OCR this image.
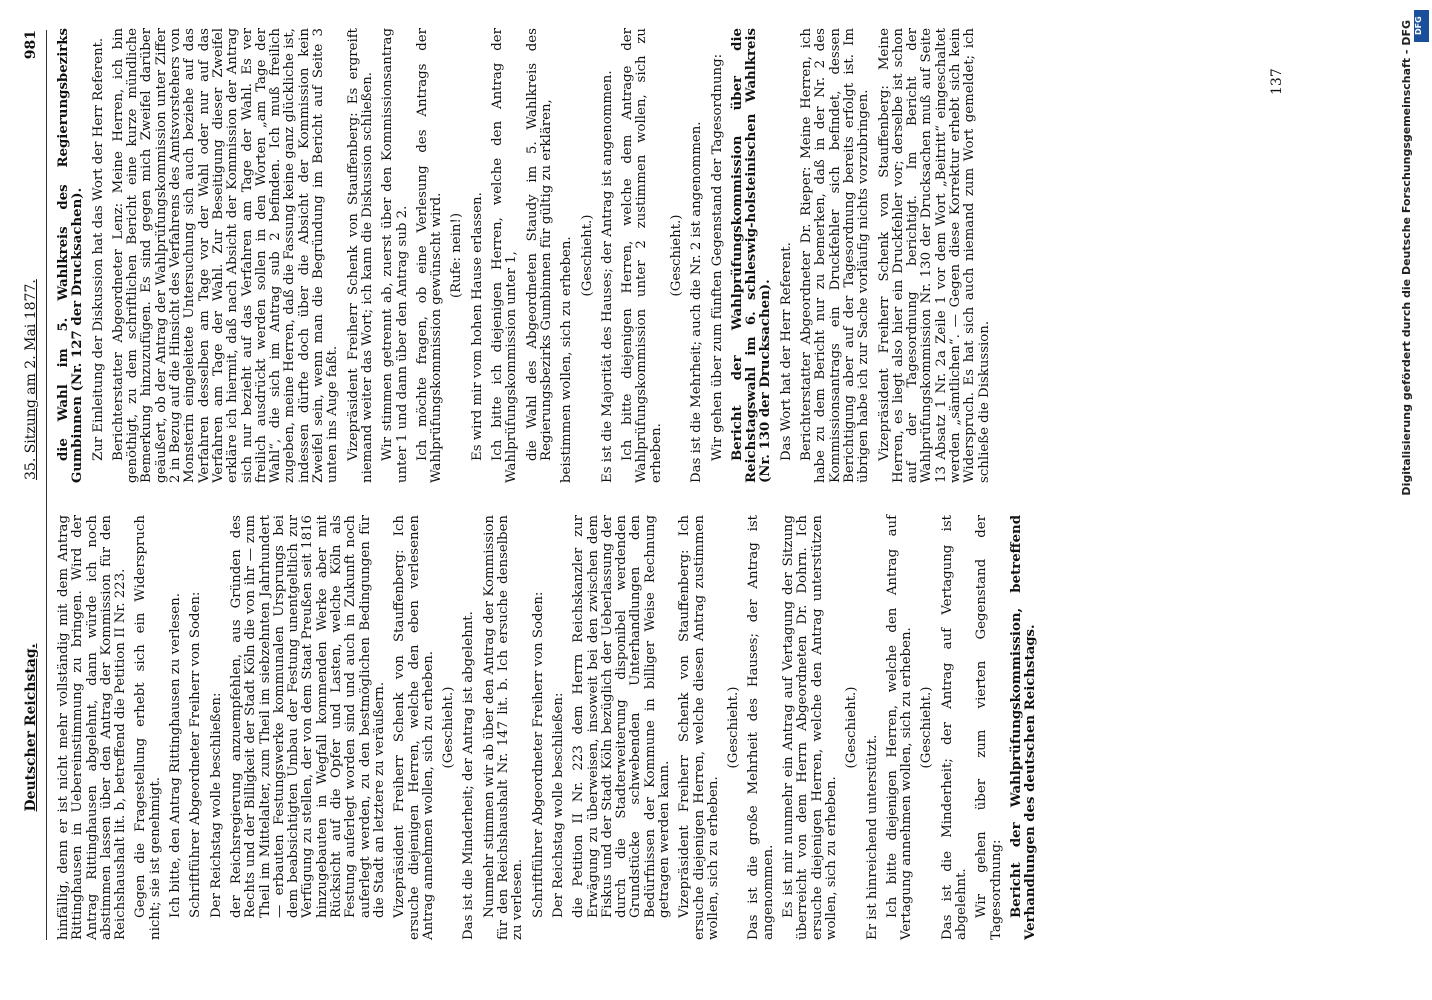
Deutscher Reichstag.
35. Sitzung am 2. Mai 1877.
981

hinfällig, denn er ist nicht mehr vollständig mit dem Antrag Rittinghausen in Uebereinstimmung zu bringen. Wird der Antrag Rittinghausen abgelehnt, dann würde ich noch abstimmen lassen über den Antrag der Kommission für den Reichshaushalt lit. b, betreffend die Petition II Nr. 223. Gegen die Fragestellung erhebt sich ein Widerspruch nicht; sie ist genehmigt. Ich bitte, den Antrag Rittinghausen zu verlesen. Schriftführer Abgeordneter Freiherr von Soden: Der Reichstag wolle beschließen: der Reichsregierung anzuempfehlen, aus Gründen des Rechts und der Billigkeit der Stadt Köln die von ihr — zum Theil im Mittelalter, zum Theil im siebzehnten Jahrhundert — erbauten Festungswerke kommunalen Ursprungs bei dem beabsichtigten Umbau der Festung unentgeltlich zur Verfügung zu stellen, der von dem Staat Preußen seit 1816 hinzugebauten in Wegfall kommenden Werke aber mit Rücksicht auf die Opfer und Lasten, welche Köln als Festung auferlegt worden sind und auch in Zukunft noch auferlegt werden, zu den bestmöglichen Bedingungen für die Stadt an letztere zu veräußern. Vizepräsident Freiherr Schenk von Stauffenberg: Ich ersuche diejenigen Herren, welche den eben verlesenen Antrag annehmen wollen, sich zu erheben. (Geschieht.) Das ist die Minderheit; der Antrag ist abgelehnt. Nunmehr stimmen wir ab über den Antrag der Kommission für den Reichshaushalt Nr. 147 lit. b. Ich ersuche denselben zu verlesen. Schriftführer Abgeordneter Freiherr von Soden: Der Reichstag wolle beschließen: die Petition II Nr. 223 dem Herrn Reichskanzler zur Erwägung zu überweisen, insoweit bei den zwischen dem Fiskus und der Stadt Köln bezüglich der Ueberlassung der durch die Stadterweiterung disponibel werdenden Grundstücke schwebenden Unterhandlungen den Bedürfnissen der Kommune in billiger Weise Rechnung getragen werden kann. Vizepräsident Freiherr Schenk von Stauffenberg: Ich ersuche diejenigen Herren, welche diesen Antrag zustimmen wollen, sich zu erheben.

(Geschieht.) Das ist die große Mehrheit des Hauses; der Antrag ist angenommen. Es ist mir nunmehr ein Antrag auf Vertagung der Sitzung überreicht von dem Herrn Abgeordneten Dr. Dohrn. Ich ersuche diejenigen Herren, welche den Antrag unterstützen wollen, sich zu erheben.

(Geschieht.)

Er ist hinreichend unterstützt. Ich bitte diejenigen Herren, welche den Antrag auf Vertagung annehmen wollen, sich zu erheben. (Geschieht.) Das ist die Minderheit; der Antrag auf Vertagung ist abgelehnt. Wir gehen über zum vierten Gegenstand der Tagesordnung: Bericht der Wahlprüfungskommission, betreffend Verhandlungen des deutschen Reichstags.

die Wahl im 5. Wahlkreis des Regierungsbezirks Gumbinnen (Nr. 127 der Drucksachen). Zur Einleitung der Diskussion hat das Wort der Herr Referent. Berichterstatter Abgeordneter Lenz: Meine Herren, ich bin genöthigt, zu dem schriftlichen Bericht eine kurze mündliche Bemerkung hinzuzufügen. Es sind gegen mich Zweifel darüber geäußert, ob der Antrag der Wahlprüfungskommission unter Ziffer 2 in Bezug auf die Hinsicht des Verfahrens des Amtsvorstehers von Monsterin eingeleitete Untersuchung sich auch beziehe auf das Verfahren desselben am Tage vor der Wahl oder nur auf das Verfahren am Tage der Wahl. Zur Beseitigung dieser Zweifel erkläre ich hiermit, daß nach Absicht der Kommission der Antrag sich nur bezieht auf das Verfahren am Tage der Wahl. Es ver freilich ausdrückt werden sollen in den Worten „am Tage der Wahl“, die sich im Antrag sub 2 befinden. Ich muß freilich zugeben, meine Herren, daß die Fassung keine ganz glückliche ist, indessen dürfte doch über die Absicht der Kommission kein Zweifel sein, wenn man die Begründung im Bericht auf Seite 3 unten ins Auge faßt. Vizepräsident Freiherr Schenk von Stauffenberg: Es ergreift niemand weiter das Wort; ich kann die Diskussion schließen. Wir stimmen getrennt ab, zuerst über den Kommissionsantrag unter 1 und dann über den Antrag sub 2. Ich möchte fragen, ob eine Verlesung des Antrags der Wahlprüfungskommission gewünscht wird. (Rufe: nein!) Es wird mir vom hohen Hause erlassen. Ich bitte ich diejenigen Herren, welche den Antrag der Wahlprüfungskommission unter 1, die Wahl des Abgeordneten Staudy im 5. Wahlkreis des Regierungsbezirks Gumbinnen für gültig zu erklären, beistimmen wollen, sich zu erheben. (Geschieht.) Es ist die Majorität des Hauses; der Antrag ist angenommen. Ich bitte diejenigen Herren, welche dem Antrage der Wahlprüfungskommission unter 2 zustimmen wollen, sich zu erheben.

(Geschieht.) Das ist die Mehrheit; auch die Nr. 2 ist angenommen. Wir gehen über zum fünften Gegenstand der Tagesordnung: Bericht der Wahlprüfungskommission über die Reichstagswahl im 6. schleswig-holsteinischen Wahlkreis (Nr. 130 der Drucksachen). Das Wort hat der Herr Referent. Berichterstatter Abgeordneter Dr. Rieper: Meine Herren, ich habe zu dem Bericht nur zu bemerken, daß in der Nr. 2 des Kommissionsantrags ein Druckfehler sich befindet, dessen Berichtigung aber auf der Tagesordnung bereits erfolgt ist. Im übrigen habe ich zur Sache vorläufig nichts vorzubringen. Vizepräsident Freiherr Schenk von Stauffenberg: Meine Herren, es liegt also hier ein Druckfehler vor; derselbe ist schon auf der Tagesordnung berichtigt. Im Bericht der Wahlprüfungskommission Nr. 130 der Drucksachen muß auf Seite 13 Absatz 1 Nr. 2a Zeile 1 vor dem Wort „Beitritt“ eingeschaltet werden „sämtlichen“. — Gegen diese Korrektur erhebt sich kein Widerspruch. Es hat sich auch niemand zum Wort gemeldet; ich schließe die Diskussion.

137	Digitalisierung gefördert durch die Deutsche Forschungsgemeinschaft - DFG DFG
